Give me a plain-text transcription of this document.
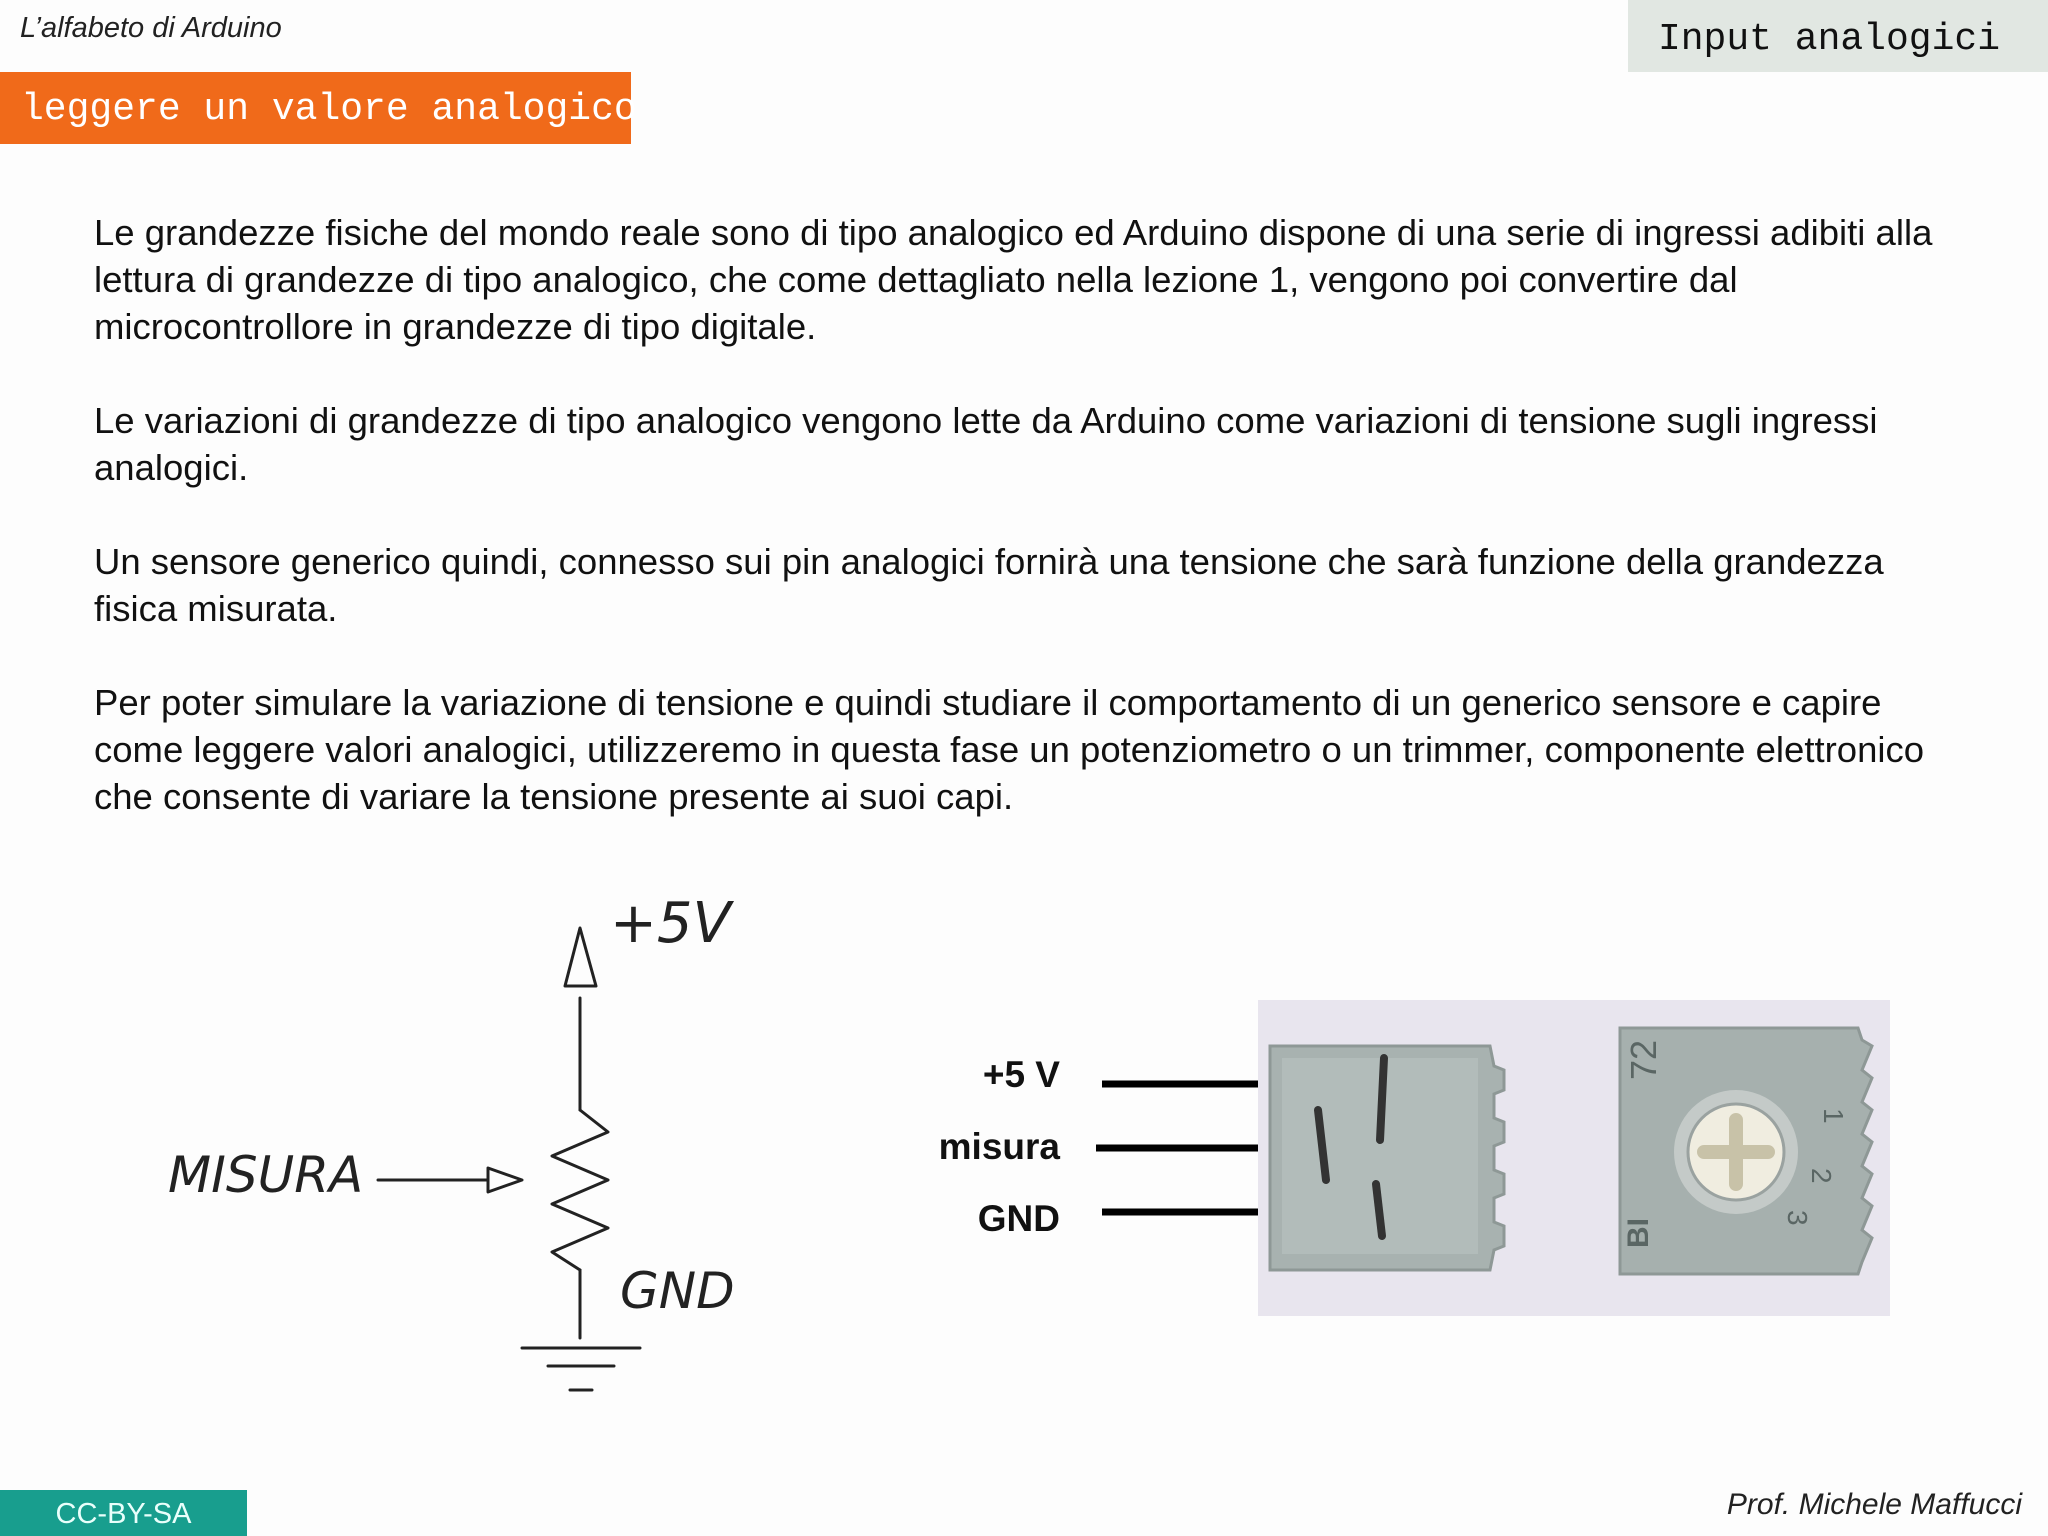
L’alfabeto di Arduino	Input analogici
leggere un valore analogico

Le grandezze fisiche del mondo reale sono di tipo analogico ed Arduino dispone di una serie di ingressi adibiti alla lettura di grandezze di tipo analogico, che come dettagliato nella lezione 1, vengono poi convertire dal microcontrollore in grandezze di tipo digitale.

Le variazioni di grandezze di tipo analogico vengono lette da Arduino come variazioni di tensione sugli ingressi analogici.

Un sensore generico quindi, connesso sui pin analogici fornirà una tensione che sarà funzione della grandezza fisica misurata.

Per poter simulare la variazione di tensione e quindi studiare il comportamento di un generico sensore e capire come leggere valori analogici, utilizzeremo in questa fase un potenziometro o un trimmer, componente elettronico che consente di variare la tensione presente ai suoi capi.

+5V
MISURA
GND
+5 V
misura
GND
72
1
2
3
BI
CC-BY-SA	Prof. Michele Maffucci
